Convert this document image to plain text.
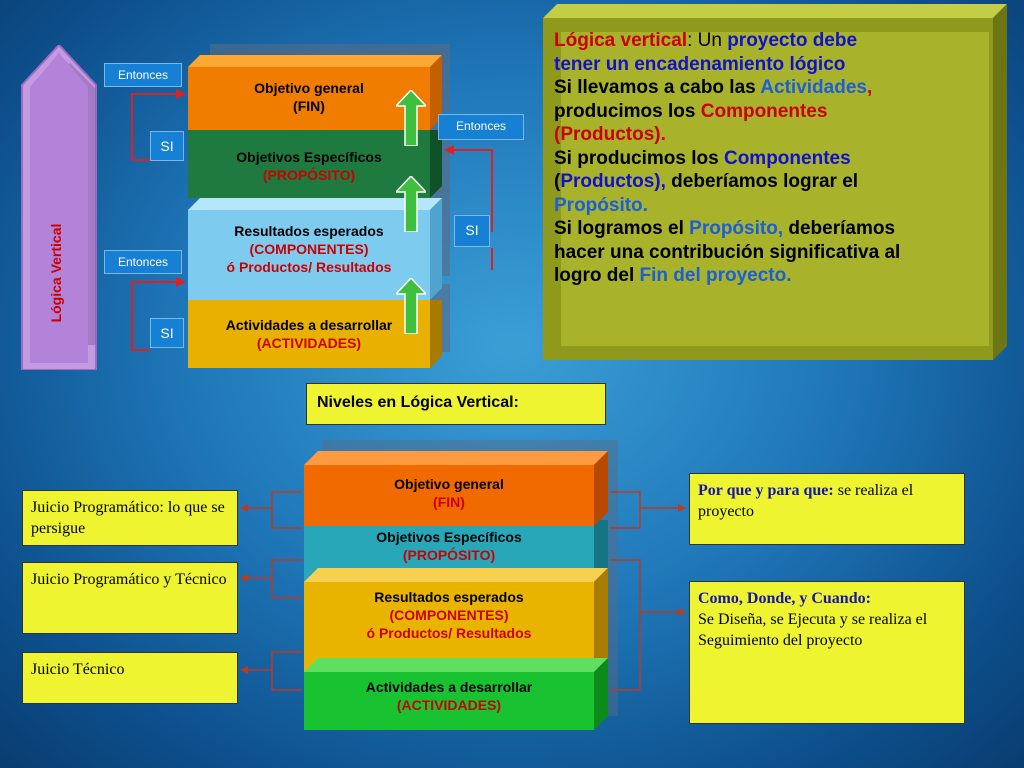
Lógica Vertical
Objetivo general
(FIN)
Objetivos Específicos

(PROPÓSITO)
Resultados esperados

(COMPONENTES)
ó Productos/ Resultados
Actividades a desarrollar

(ACTIVIDADES)
Entonces
SI
Entonces
SI
Entonces
SI
Lógica vertical: Un proyecto debe
tener un encadenamiento lógico
Si llevamos a cabo las Actividades,
producimos los Componentes
(Productos).
Si producimos los Componentes
(Productos), deberíamos lograr el
Propósito.
Si logramos el Propósito, deberíamos
hacer una contribución significativa al
logro del Fin del proyecto.
Niveles en Lógica Vertical:
Objetivo general

(FIN)
Objetivos Específicos

(PROPÓSITO)
Resultados esperados

(COMPONENTES)
ó Productos/ Resultados
Actividades a desarrollar

(ACTIVIDADES)
Juicio Programático: lo que se persigue
Juicio Programático y Técnico
Juicio Técnico
Por que y para que: se realiza el proyecto
Como, Donde, y Cuando:
Se Diseña, se Ejecuta y se realiza el Seguimiento del proyecto
